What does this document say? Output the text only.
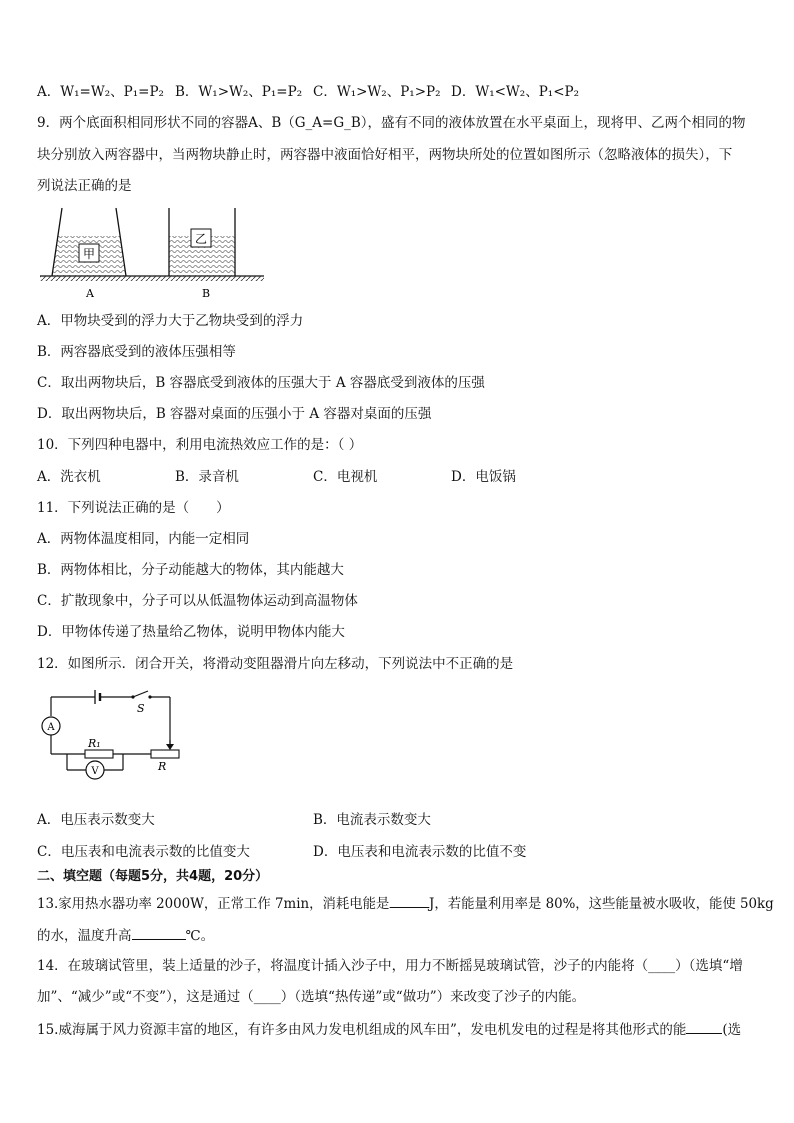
A．W₁=W₂、P₁=P₂ B．W₁>W₂、P₁=P₂ C．W₁>W₂、P₁>P₂ D．W₁<W₂、P₁<P₂
9．两个底面积相同形状不同的容器A、B（G_A=G_B），盛有不同的液体放置在水平桌面上，现将甲、乙两个相同的物
块分别放入两容器中，当两物块静止时，两容器中液面恰好相平，两物块所处的位置如图所示（忽略液体的损失），下
列说法正确的是
甲
乙
A	B
A．甲物块受到的浮力大于乙物块受到的浮力
B．两容器底受到的液体压强相等
C．取出两物块后，B 容器底受到液体的压强大于 A 容器底受到液体的压强
D．取出两物块后，B 容器对桌面的压强小于 A 容器对桌面的压强
10．下列四种电器中，利用电流热效应工作的是：（ ）
A．洗衣机	B．录音机	C．电视机	D．电饭锅
11．下列说法正确的是（　　）
A．两物体温度相同，内能一定相同
B．两物体相比，分子动能越大的物体，其内能越大
C．扩散现象中，分子可以从低温物体运动到高温物体
D．甲物体传递了热量给乙物体，说明甲物体内能大
12．如图所示．闭合开关，将滑动变阻器滑片向左移动，下列说法中不正确的是
S
A
R₁
R
V
A．电压表示数变大	B．电流表示数变大
C．电压表和电流表示数的比值变大	D．电压表和电流表示数的比值不变
二、填空题（每题5分，共4题，20分）
13.家用热水器功率 2000W，正常工作 7min，消耗电能是	J，若能量利用率是 80%，这些能量被水吸收，能使 50kg
的水，温度升高	℃。
14．在玻璃试管里，装上适量的沙子，将温度计插入沙子中，用力不断摇晃玻璃试管，沙子的内能将（____）（选填“增
加”、“减少”或“不变”），这是通过（____）（选填“热传递”或“做功”）来改变了沙子的内能。
15.威海属于风力资源丰富的地区，有许多由风力发电机组成的风车田”，发电机发电的过程是将其他形式的能	(选
